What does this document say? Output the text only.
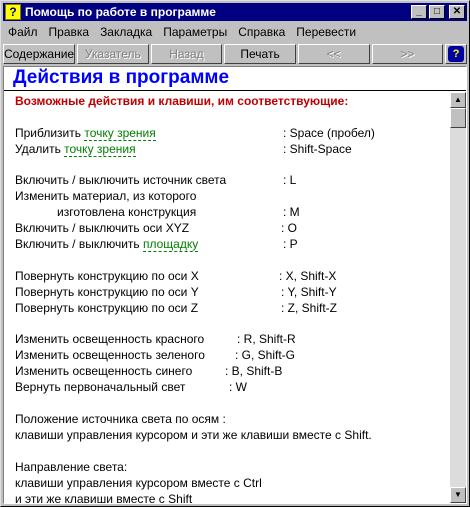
? Помощь по работе в программе	_	□	✕
Файл Правка Закладка Параметры Справка Перевести
Содержание Указатель	Назад	Печать	<<	>>	?
Действия в программе
Возможные действия и клавиши, им соответствующие:
Приблизить точку зрения	: Space (пробел)
Удалить точку зрения	: Shift-Space
Включить / выключить источник света	: L
Изменить материал, из которого
изготовлена конструкция	: M
Включить / выключить оси XYZ	: O
Включить / выключить площадку	: P
Повернуть конструкцию по оси X	: X, Shift-X
Повернуть конструкцию по оси Y	: Y, Shift-Y
Повернуть конструкцию по оси Z	: Z, Shift-Z
Изменить освещенность красного	: R, Shift-R
Изменить освещенность зеленого	: G, Shift-G
Изменить освещенность синего	: B, Shift-B
Вернуть первоначальный свет	: W
Положение источника света по осям :
клавиши управления курсором и эти же клавиши вместе с Shift.
Направление света:
клавиши управления курсором вместе с Ctrl
и эти же клавиши вместе с Shift
▲
▼
